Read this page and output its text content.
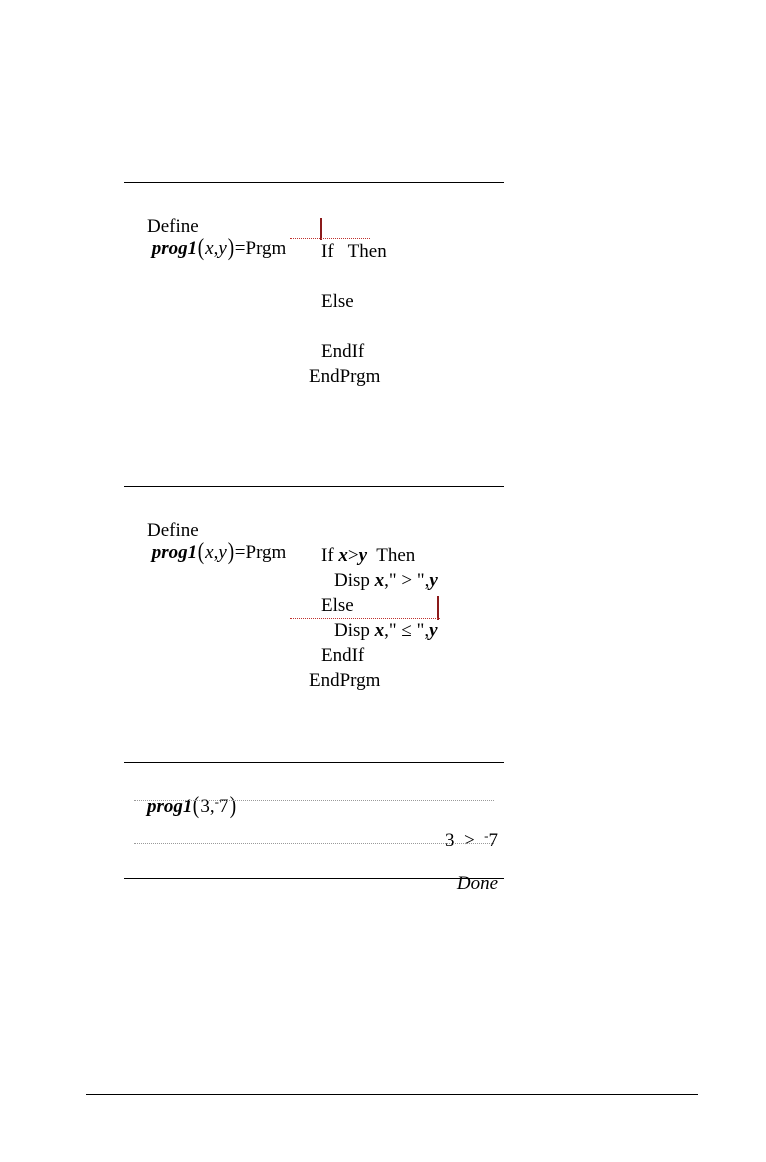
Define
prog1(x,y)=Prgm
	If Then

Else

EndIf

EndPrgm

Define
prog1(x,y)=Prgm
	If x>y Then

Disp x," > ",y

Else

Disp x," ≤ ",y

EndIf

EndPrgm

prog1(3,-7)

3 > -7

Done
